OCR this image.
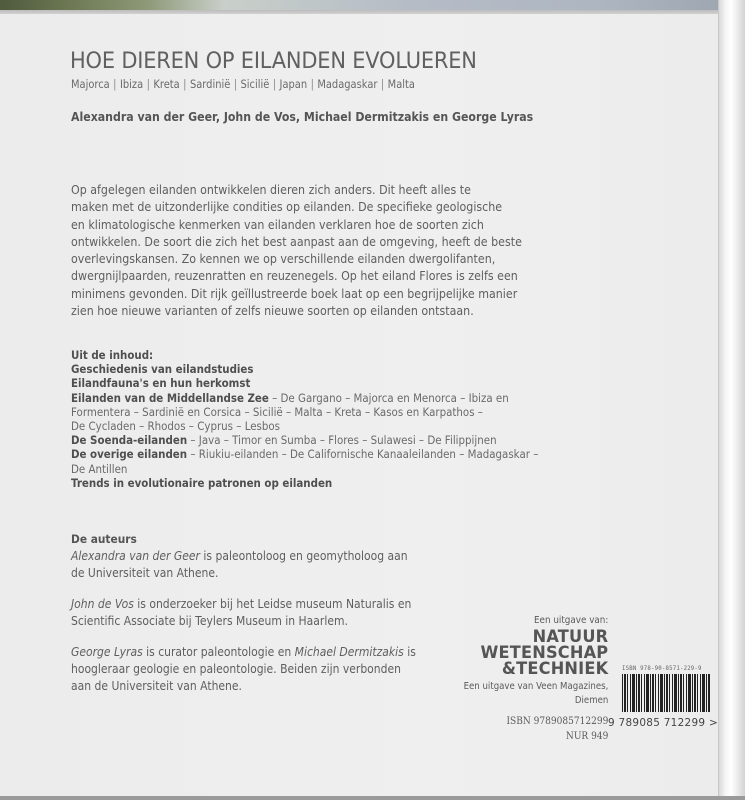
HOE DIEREN OP EILANDEN EVOLUEREN
Majorca | Ibiza | Kreta | Sardinië | Sicilië | Japan | Madagaskar | Malta
Alexandra van der Geer, John de Vos, Michael Dermitzakis en George Lyras
Op afgelegen eilanden ontwikkelen dieren zich anders. Dit heeft alles te
maken met de uitzonderlijke condities op eilanden. De specifieke geologische
en klimatologische kenmerken van eilanden verklaren hoe de soorten zich
ontwikkelen. De soort die zich het best aanpast aan de omgeving, heeft de beste
overlevingskansen. Zo kennen we op verschillende eilanden dwergolifanten,
dwergnijlpaarden, reuzenratten en reuzenegels. Op het eiland Flores is zelfs een
minimens gevonden. Dit rijk geïllustreerde boek laat op een begrijpelijke manier
zien hoe nieuwe varianten of zelfs nieuwe soorten op eilanden ontstaan.
Uit de inhoud:
Geschiedenis van eilandstudies
Eilandfauna's en hun herkomst
Eilanden van de Middellandse Zee – De Gargano – Majorca en Menorca – Ibiza en
Formentera – Sardinië en Corsica – Sicilië – Malta – Kreta – Kasos en Karpathos –
De Cycladen – Rhodos – Cyprus – Lesbos
De Soenda-eilanden – Java – Timor en Sumba – Flores – Sulawesi – De Filippijnen
De overige eilanden – Riukiu-eilanden – De Californische Kanaaleilanden – Madagaskar –
De Antillen
Trends in evolutionaire patronen op eilanden
De auteurs

Alexandra van der Geer is paleontoloog en geomytholoog aan
de Universiteit van Athene.

John de Vos is onderzoeker bij het Leidse museum Naturalis en
Scientific Associate bij Teylers Museum in Haarlem.

George Lyras is curator paleontologie en Michael Dermitzakis is
hoogleraar geologie en paleontologie. Beiden zijn verbonden
aan de Universiteit van Athene.

Een uitgave van:
NATUUR
WETENSCHAP
&TECHNIEK
Een uitgave van Veen Magazines,
Diemen
ISBN 9789085712299
NUR 949
ISBN 978-90-8571-229-9
9 789085 712299 >
